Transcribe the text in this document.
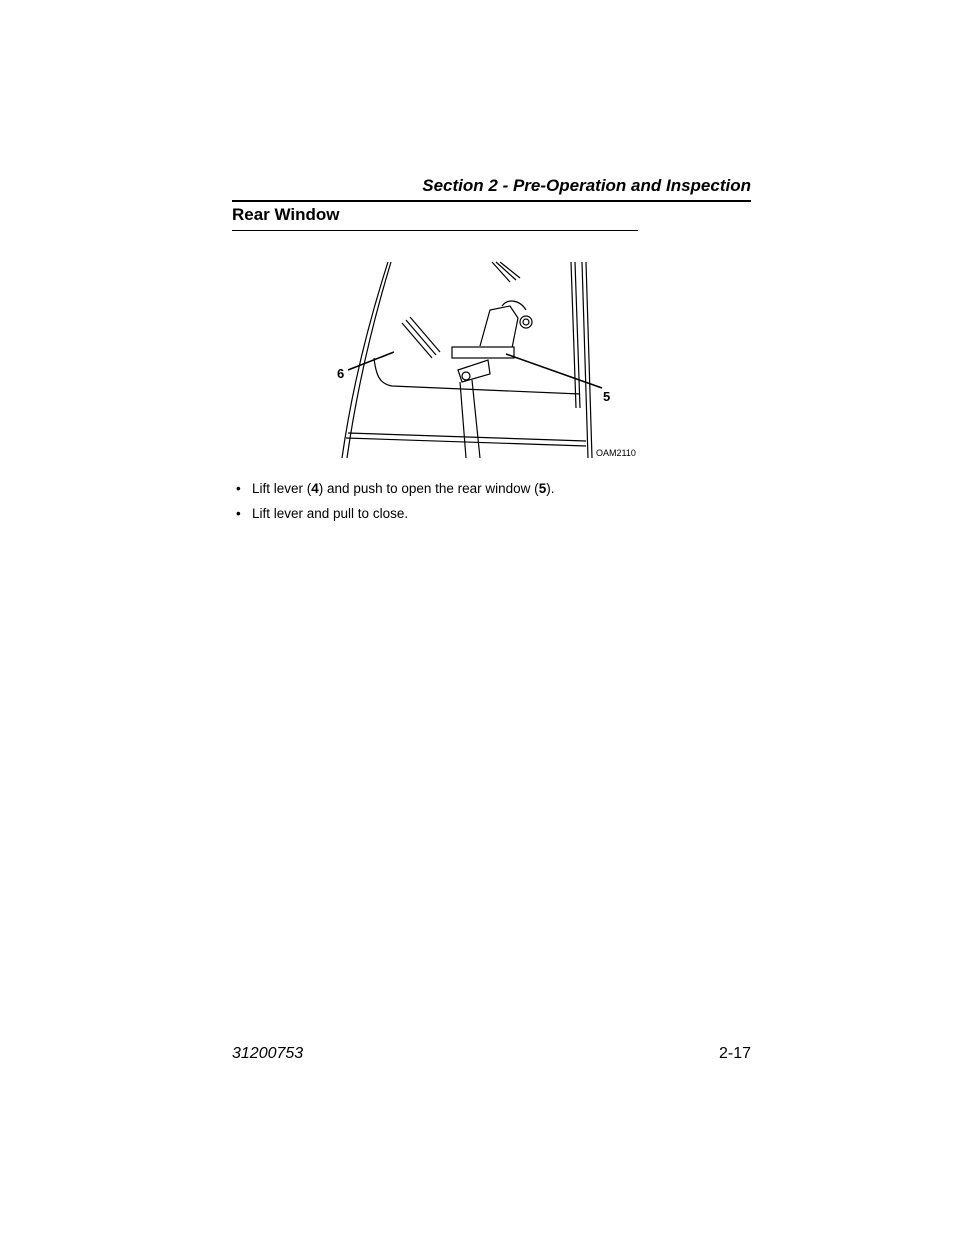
Section 2 - Pre-Operation and Inspection
Rear Window
6
5
OAM2110
• Lift lever (4) and push to open the rear window (5).
• Lift lever and pull to close.
31200753	2-17
